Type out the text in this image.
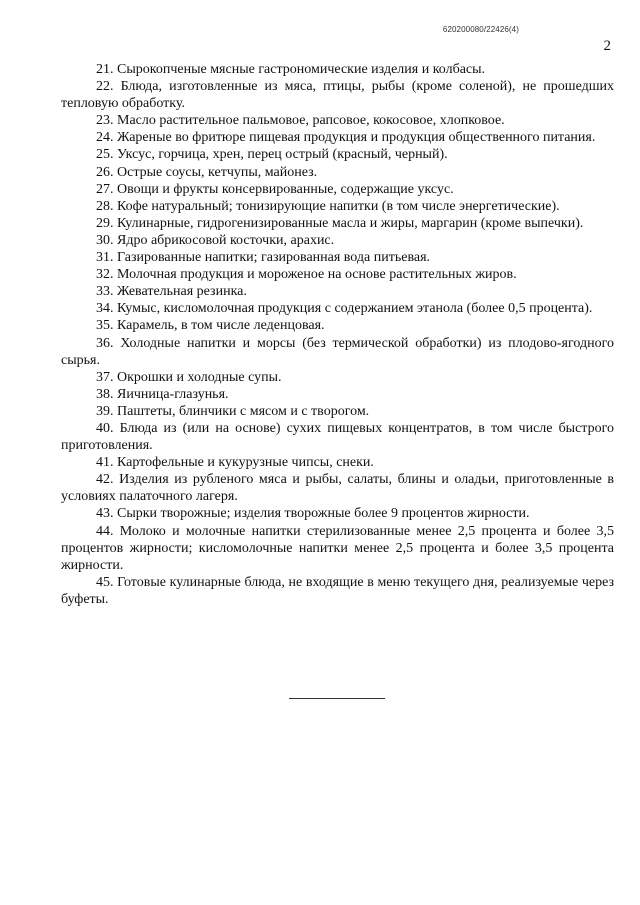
620200080/22426(4)
2

21. Сырокопченые мясные гастрономические изделия и колбасы.

22. Блюда, изготовленные из мяса, птицы, рыбы (кроме соленой), не прошедших тепловую обработку.

23. Масло растительное пальмовое, рапсовое, кокосовое, хлопковое.

24. Жареные во фритюре пищевая продукция и продукция общественного питания.

25. Уксус, горчица, хрен, перец острый (красный, черный).

26. Острые соусы, кетчупы, майонез.

27. Овощи и фрукты консервированные, содержащие уксус.

28. Кофе натуральный; тонизирующие напитки (в том числе энергетические).

29. Кулинарные, гидрогенизированные масла и жиры, маргарин (кроме выпечки).

30. Ядро абрикосовой косточки, арахис.

31. Газированные напитки; газированная вода питьевая.

32. Молочная продукция и мороженое на основе растительных жиров.

33. Жевательная резинка.

34. Кумыс, кисломолочная продукция с содержанием этанола (более 0,5 процента).

35. Карамель, в том числе леденцовая.

36. Холодные напитки и морсы (без термической обработки) из плодово-ягодного сырья.

37. Окрошки и холодные супы.

38. Яичница-глазунья.

39. Паштеты, блинчики с мясом и с творогом.

40. Блюда из (или на основе) сухих пищевых концентратов, в том числе быстрого приготовления.

41. Картофельные и кукурузные чипсы, снеки.

42. Изделия из рубленого мяса и рыбы, салаты, блины и оладьи, приготовленные в условиях палаточного лагеря.

43. Сырки творожные; изделия творожные более 9 процентов жирности.

44. Молоко и молочные напитки стерилизованные менее 2,5 процента и более 3,5 процентов жирности; кисломолочные напитки менее 2,5 процента и более 3,5 процента жирности.

45. Готовые кулинарные блюда, не входящие в меню текущего дня, реализуемые через буфеты.
